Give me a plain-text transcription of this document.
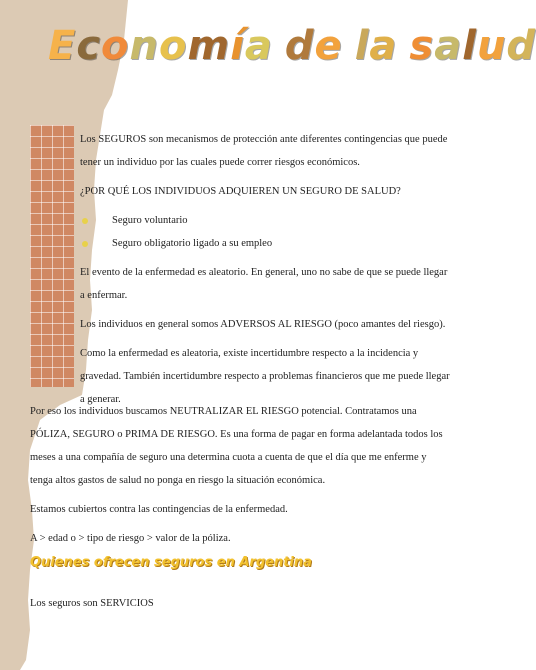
E c o n o m í a
d e
l a
s a l u d

Los SEGUROS son mecanismos de protección ante diferentes contingencias que puede tener un individuo por las cuales puede correr riesgos económicos.

¿POR QUÉ LOS INDIVIDUOS ADQUIEREN UN SEGURO DE SALUD?

Seguro voluntario
Seguro obligatorio ligado a su empleo

El evento de la enfermedad es aleatorio. En general, uno no sabe de que se puede llegar a enfermar.

Los individuos en general somos ADVERSOS AL RIESGO (poco amantes del riesgo).

Como la enfermedad es aleatoria, existe incertidumbre respecto a la incidencia y gravedad. También incertidumbre respecto a problemas financieros que me puede llegar a generar.

Por eso los individuos buscamos NEUTRALIZAR EL RIESGO potencial. Contratamos una PÓLIZA, SEGURO o PRIMA DE RIESGO. Es una forma de pagar en forma adelantada todos los meses a una compañía de seguro una determina cuota a cuenta de que el día que me enferme y tenga altos gastos de salud no ponga en riesgo la situación económica.

Estamos cubiertos contra las contingencias de la enfermedad.

A > edad o > tipo de riesgo > valor de la póliza.

Quienes ofrecen seguros en Argentina
Los seguros son SERVICIOS
